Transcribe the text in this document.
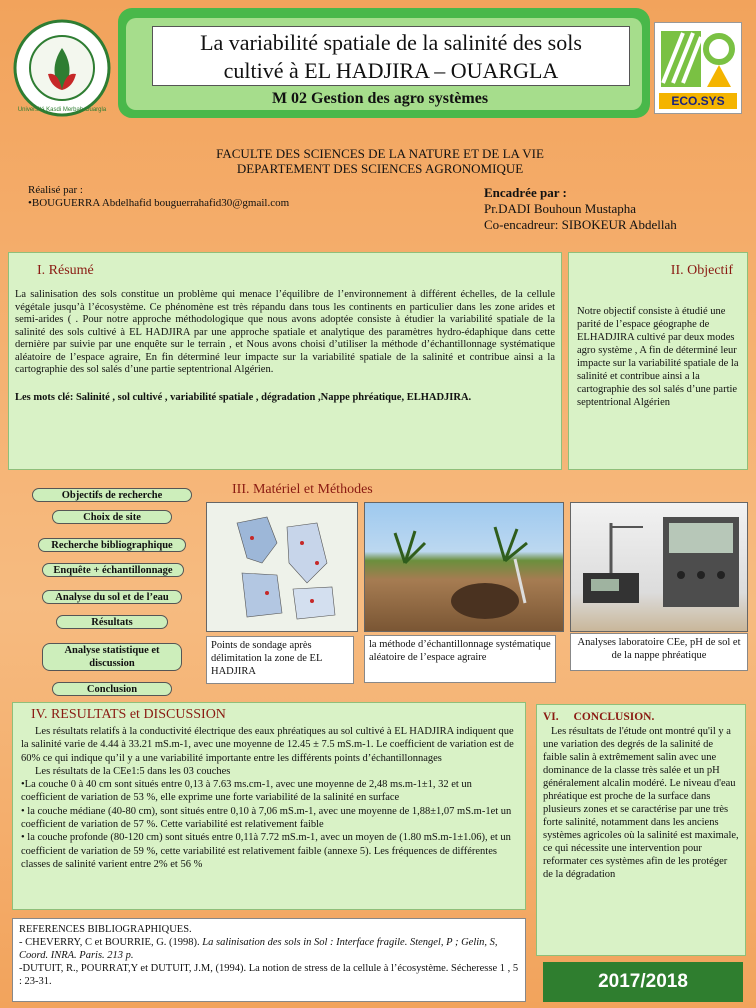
La variabilité spatiale de la salinité des sols
cultivé à EL HADJIRA – OUARGLA
M 02 Gestion des agro systèmes
Université Kasdi Merbah Ouargla
ECO.SYS
FACULTE DES SCIENCES DE LA NATURE ET DE LA VIE
DEPARTEMENT DES SCIENCES AGRONOMIQUE
Réalisé par :
•BOUGUERRA Abdelhafid bouguerrahafid30@gmail.com
Encadrée par :
Pr.DADI Bouhoun Mustapha
Co-encadreur: SIBOKEUR Abdellah
I. Résumé

La salinisation des sols constitue un problème qui menace l’équilibre de l’environnement à différent échelles, de la cellule végétale jusqu’à l’écosystème. Ce phénomène est très répandu dans tous les continents en particulier dans les zone arides et semi-arides ( . Pour notre approche méthodologique que nous avons adoptée consiste à étudier la variabilité spatiale de la salinité des sols cultivé à EL HADJIRA par une approche spatiale et analytique des paramètres hydro-édaphique dans cette dernière par suivie par une enquête sur le terrain , et Nous avons choisi d’utiliser la méthode d’échantillonnage systématique aléatoire de l’espace agraire, En fin déterminé leur impacte sur la variabilité spatiale de la salinité et contribue ainsi a la cartographie des sol salés d’une partie septentrional Algérien.

Les mots clé: Salinité , sol cultivé , variabilité spatiale , dégradation ,Nappe phréatique, ELHADJIRA.

II. Objectif

Notre objectif consiste à étudié une parité de l’espace géographe de ELHADJIRA cultivé par deux modes agro système , A fin de déterminé leur impacte sur la variabilité spatiale de la salinité et contribue ainsi a la cartographie des sol salés d’une partie septentrional Algérien

III. Matériel et Méthodes
Objectifs de recherche
Choix de site
Recherche bibliographique
Enquête + échantillonnage
Analyse du sol et de l’eau
Résultats
Analyse statistique et discussion
Conclusion
Points de sondage après délimitation la zone de EL HADJIRA
la méthode d’échantillonnage systématique aléatoire de l’espace agraire
Analyses laboratoire CEe, pH de sol et de la nappe phréatique
IV. RESULTATS et DISCUSSION

Les résultats relatifs à la conductivité électrique des eaux phréatiques au sol cultivé à EL HADJIRA indiquent que la salinité varie de 4.44 à 33.21 mS.m-1, avec une moyenne de 12.45 ± 7.5 mS.m-1. Le coefficient de variation est de 60% ce qui indique qu’il y a une variabilité importante entre les différents points d’échantillonnages

Les résultats de la CEe1:5 dans les 03 couches

•La couche 0 à 40 cm sont situés entre 0,13 à 7.63 ms.cm-1, avec une moyenne de 2,48 ms.m-1±1, 32 et un coefficient de variation de 53 %, elle exprime une forte variabilité de la salinité en surface

• la couche médiane (40-80 cm), sont situés entre 0,10 à 7,06 mS.m-1, avec une moyenne de 1,88±1,07 mS.m-1et un coefficient de variation de 57 %. Cette variabilité est relativement faible

• la couche profonde (80-120 cm) sont situés entre 0,11à 7.72 mS.m-1, avec un moyen de (1.80 mS.m-1±1.06), et un coefficient de variation de 59 %, cette variabilité est relativement faible (annexe 5). Les fréquences de différentes classes de salinité varient entre 2% et 56 %

REFERENCES BIBLIOGRAPHIQUES.
- CHEVERRY, C et BOURRIE, G. (1998). La salinisation des sols in Sol : Interface fragile. Stengel, P ; Gelin, S, Coord. INRA. Paris. 213 p.
-DUTUIT, R., POURRAT,Y et DUTUIT, J.M, (1994). La notion de stress de la cellule à l’écosystème. Sécheresse 1 , 5 : 23-31.
VI. CONCLUSION.

Les résultats de l'étude ont montré qu'il y a une variation des degrés de la salinité de faible salin à extrêmement salin avec une dominance de la classe très salée et un pH généralement alcalin modéré. Le niveau d'eau phréatique est proche de la surface dans plusieurs zones et se caractérise par une très forte salinité, notamment dans les anciens systèmes agricoles où la salinité est maximale, ce qui nécessite une intervention pour reformater ces systèmes afin de les protéger de la dégradation

2017/2018
